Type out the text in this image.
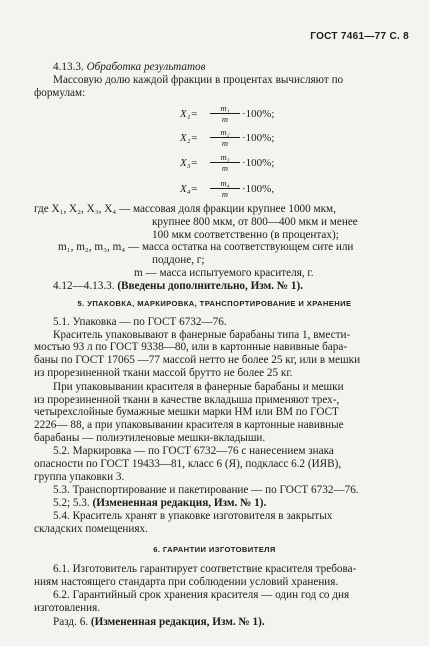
ГОСТ 7461—77 С. 8
4.13.3. Обработка результатов
Массовую долю каждой фракции в процентах вычисляют по
формулам:
$X_1= \frac{\text{m₁}}{m} \cdot 100\%$;
$X_2= \frac{\text{m₂}}{m} \cdot 100\%$;
$X_3= \frac{\text{m₃}}{m} \cdot 100\%$;
$X_4= \frac{\text{m₄}}{m} \cdot 100\%$,
где X₁, X₂, X₃, X₄ — массовая доля фракции крупнее 1000 мкм,
крупнее 800 мкм, от 800—400 мкм и менее
100 мкм соответственно (в процентах);
m₁, m₂, m₃, m₄ — масса остатка на соответствующем сите или
поддоне, г;
m — масса испытуемого красителя, г.
4.12—4.13.3. (Введены дополнительно, Изм. № 1).
5. УПАКОВКА, МАРКИРОВКА, ТРАНСПОРТИРОВАНИЕ И ХРАНЕНИЕ
5.1. Упаковка — по ГОСТ 6732—76.
Краситель упаковывают в фанерные барабаны типа 1, вмести-
мостью 93 л по ГОСТ 9338—80, или в картонные навивные бара-
баны по ГОСТ 17065 —77 массой нетто не более 25 кг, или в мешки
из прорезиненной ткани массой брутто не более 25 кг.
При упаковывании красителя в фанерные барабаны и мешки
из прорезиненной ткани в качестве вкладыша применяют трех-,
четырехслойные бумажные мешки марки НМ или ВМ по ГОСТ
2226— 88, а при упаковывании красителя в картонные навивные
барабаны — полиэтиленовые мешки-вкладыши.
5.2. Маркировка — по ГОСТ 6732—76 с нанесением знака
опасности по ГОСТ 19433—81, класс 6 (Я), подкласс 6.2 (ИЯВ),
группа упаковки 3.
5.3. Транспортирование и пакетирование — по ГОСТ 6732—76.
5.2; 5.3. (Измененная редакция, Изм. № 1).
5.4. Краситель хранят в упаковке изготовителя в закрытых
складских помещениях.
6. ГАРАНТИИ ИЗГОТОВИТЕЛЯ
6.1. Изготовитель гарантирует соответствие красителя требова-
ниям настоящего стандарта при соблюдении условий хранения.
6.2. Гарантийный срок хранения красителя — один год со дня
изготовления.
Разд. 6. (Измененная редакция, Изм. № 1).
